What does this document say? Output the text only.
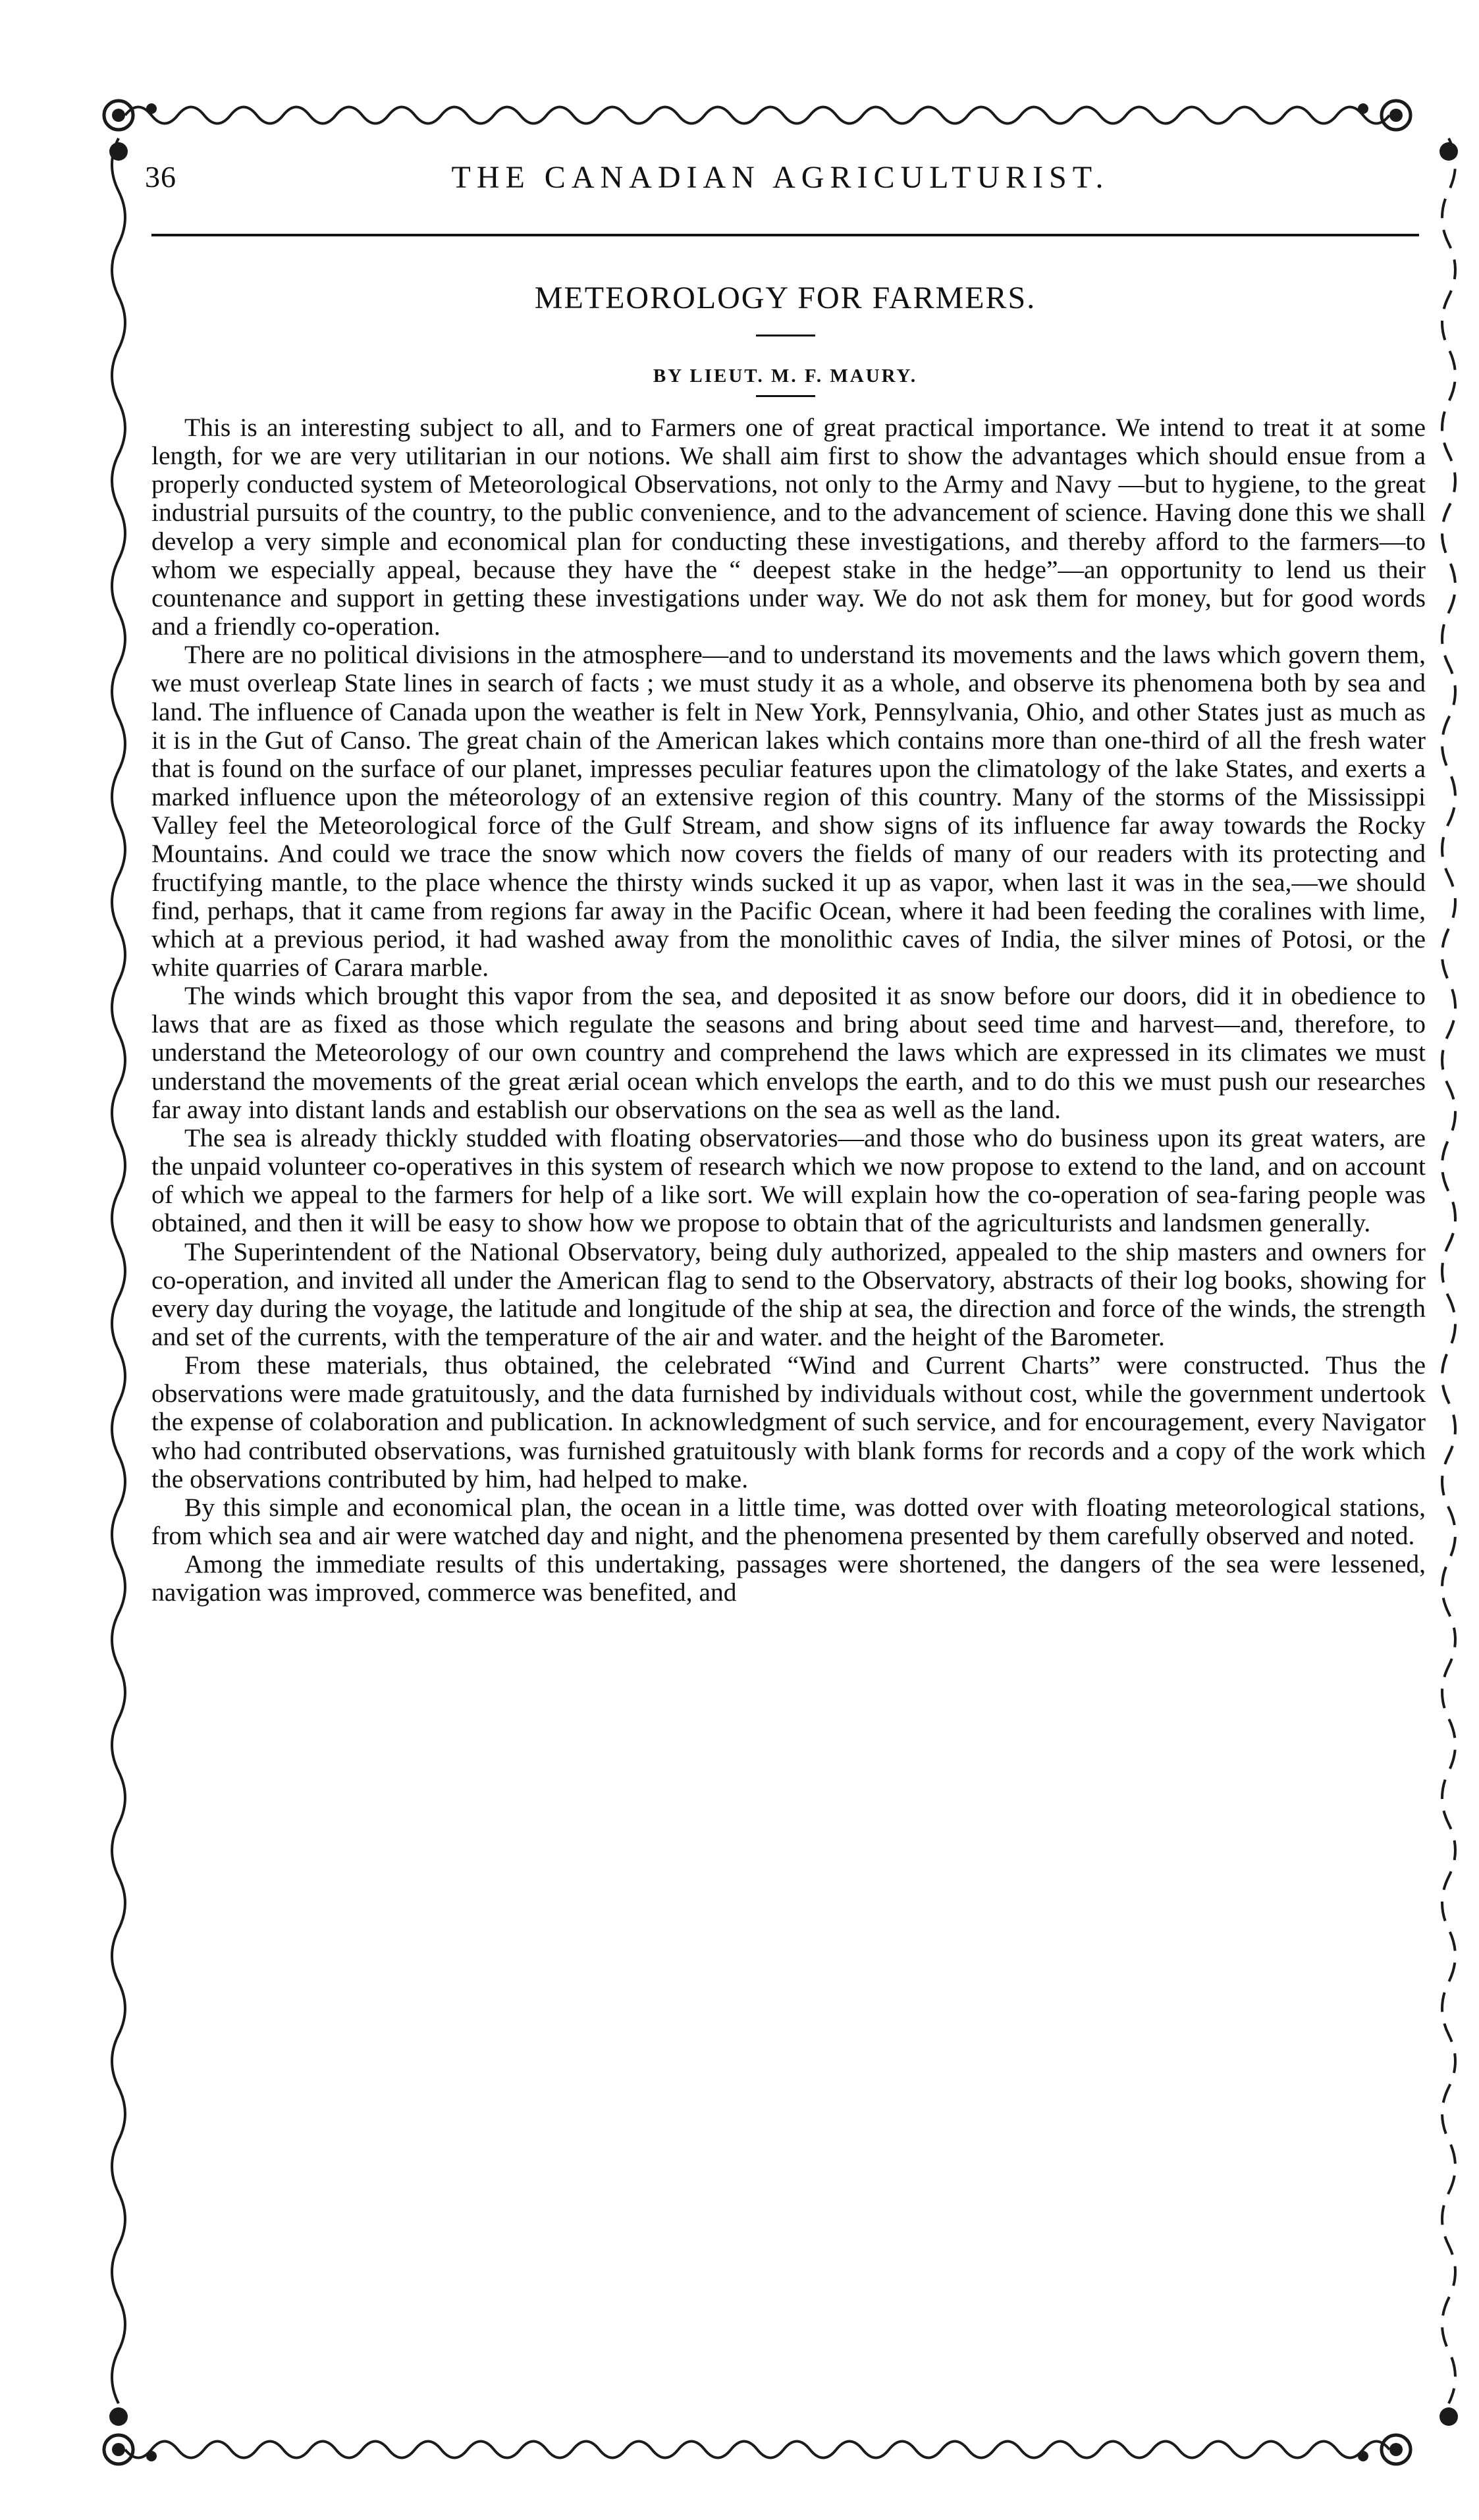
THE CANADIAN AGRICULTURIST.
36
METEOROLOGY FOR FARMERS.
BY LIEUT. M. F. MAURY.

This is an interesting subject to all, and to Farmers one of great practical importance. We intend to treat it at some length, for we are very utilitarian in our notions. We shall aim first to show the advantages which should ensue from a properly conducted system of Meteorological Observations, not only to the Army and Navy —but to hygiene, to the great industrial pursuits of the country, to the public convenience, and to the advancement of science. Having done this we shall develop a very simple and economical plan for conducting these investigations, and thereby afford to the farmers—to whom we especially appeal, because they have the “ deepest stake in the hedge”—an opportunity to lend us their countenance and support in getting these investigations under way. We do not ask them for money, but for good words and a friendly co-operation.

There are no political divisions in the atmosphere—and to understand its movements and the laws which govern them, we must overleap State lines in search of facts ; we must study it as a whole, and observe its phenomena both by sea and land. The influence of Canada upon the weather is felt in New York, Pennsylvania, Ohio, and other States just as much as it is in the Gut of Canso. The great chain of the American lakes which contains more than one-third of all the fresh water that is found on the surface of our planet, impresses peculiar features upon the climatology of the lake States, and exerts a marked influence upon the méteorology of an extensive region of this country. Many of the storms of the Mississippi Valley feel the Meteorological force of the Gulf Stream, and show signs of its influence far away towards the Rocky Mountains. And could we trace the snow which now covers the fields of many of our readers with its protecting and fructifying mantle, to the place whence the thirsty winds sucked it up as vapor, when last it was in the sea,—we should find, perhaps, that it came from regions far away in the Pacific Ocean, where it had been feeding the coralines with lime, which at a previous period, it had washed away from the monolithic caves of India, the silver mines of Potosi, or the white quarries of Carara marble.

The winds which brought this vapor from the sea, and deposited it as snow before our doors, did it in obedience to laws that are as fixed as those which regulate the seasons and bring about seed time and harvest—and, therefore, to understand the Meteorology of our own country and comprehend the laws which are expressed in its climates we must understand the movements of the great ærial ocean which envelops the earth, and to do this we must push our researches far away into distant lands and establish our observations on the sea as well as the land.

The sea is already thickly studded with floating observatories—and those who do business upon its great waters, are the unpaid volunteer co-operatives in this system of research which we now propose to extend to the land, and on account of which we appeal to the farmers for help of a like sort. We will explain how the co-operation of sea-faring people was obtained, and then it will be easy to show how we propose to obtain that of the agriculturists and landsmen generally.

The Superintendent of the National Observatory, being duly authorized, appealed to the ship masters and owners for co-operation, and invited all under the American flag to send to the Observatory, abstracts of their log books, showing for every day during the voyage, the latitude and longitude of the ship at sea, the direction and force of the winds, the strength and set of the currents, with the temperature of the air and water. and the height of the Barometer.

From these materials, thus obtained, the celebrated “Wind and Current Charts” were constructed. Thus the observations were made gratuitously, and the data furnished by individuals without cost, while the government undertook the expense of colaboration and publication. In acknowledgment of such service, and for encouragement, every Navigator who had contributed observations, was furnished gratuitously with blank forms for records and a copy of the work which the observations contributed by him, had helped to make.

By this simple and economical plan, the ocean in a little time, was dotted over with floating meteorological stations, from which sea and air were watched day and night, and the phenomena presented by them carefully observed and noted.

Among the immediate results of this undertaking, passages were shortened, the dangers of the sea were lessened, navigation was improved, commerce was benefited, and
